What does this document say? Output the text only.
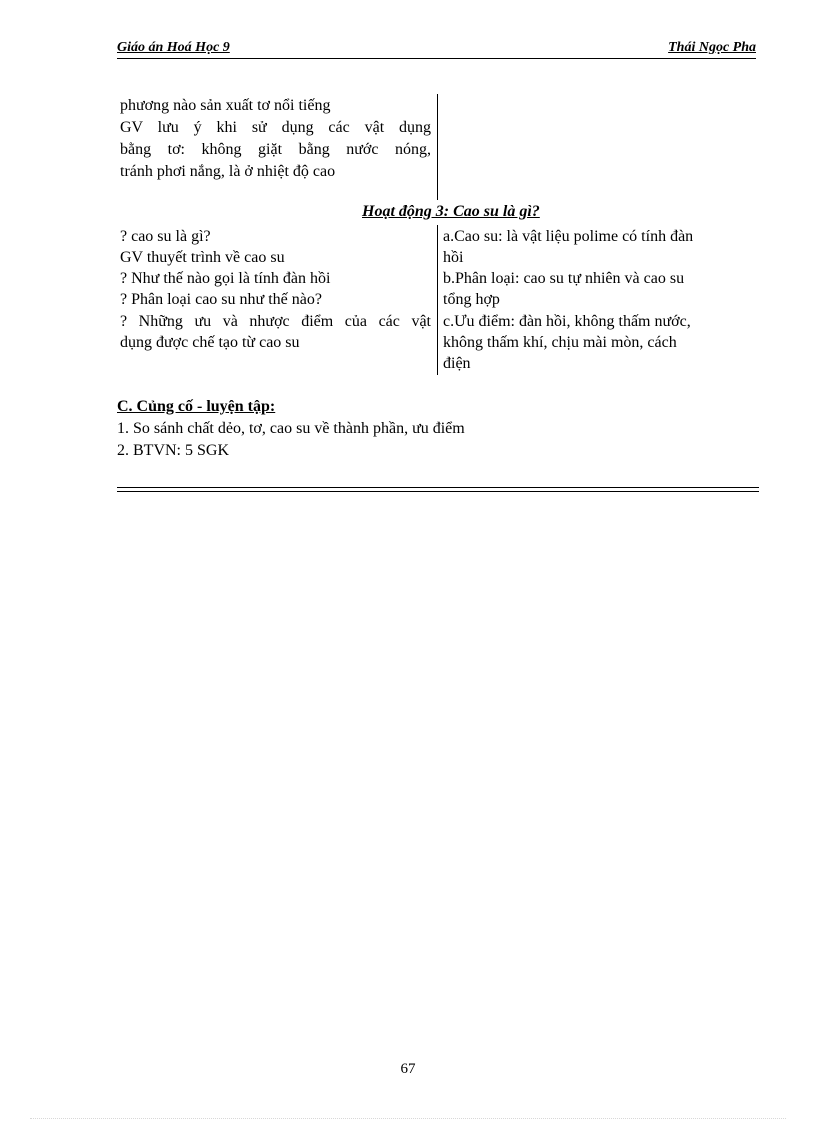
Giáo án Hoá Học 9	Thái Ngọc Pha
phương nào sản xuất tơ nổi tiếng
GV lưu ý khi sử dụng các vật dụng
bằng tơ: không giặt bằng nước nóng,
tránh phơi nắng, là ở nhiệt độ cao
Hoạt động 3: Cao su là gì?
? cao su là gì?
GV thuyết trình về cao su
? Như thế nào gọi là tính đàn hồi
? Phân loại cao su như thế nào?
? Những ưu và nhược điểm của các vật
dụng được chế tạo từ cao su
a.Cao su: là vật liệu polime có tính đàn
hồi
b.Phân loại: cao su tự nhiên và cao su
tổng hợp
c.Ưu điểm: đàn hồi, không thấm nước,
không thấm khí, chịu mài mòn, cách
điện
C. Củng cố - luyện tập:
1. So sánh chất dẻo, tơ, cao su về thành phần, ưu điểm
2. BTVN: 5 SGK
67
